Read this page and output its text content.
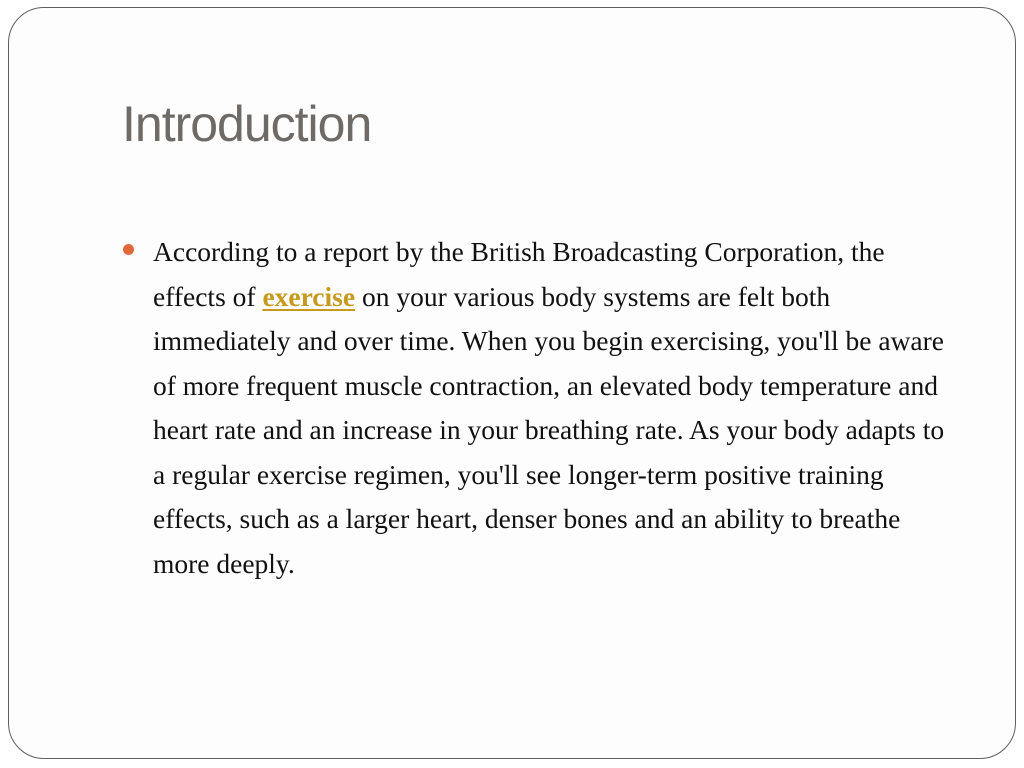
Introduction
According to a report by the British Broadcasting Corporation, the effects of exercise on your various body systems are felt both immediately and over time. When you begin exercising, you'll be aware of more frequent muscle contraction, an elevated body temperature and heart rate and an increase in your breathing rate. As your body adapts to a regular exercise regimen, you'll see longer-term positive training effects, such as a larger heart, denser bones and an ability to breathe more deeply.
